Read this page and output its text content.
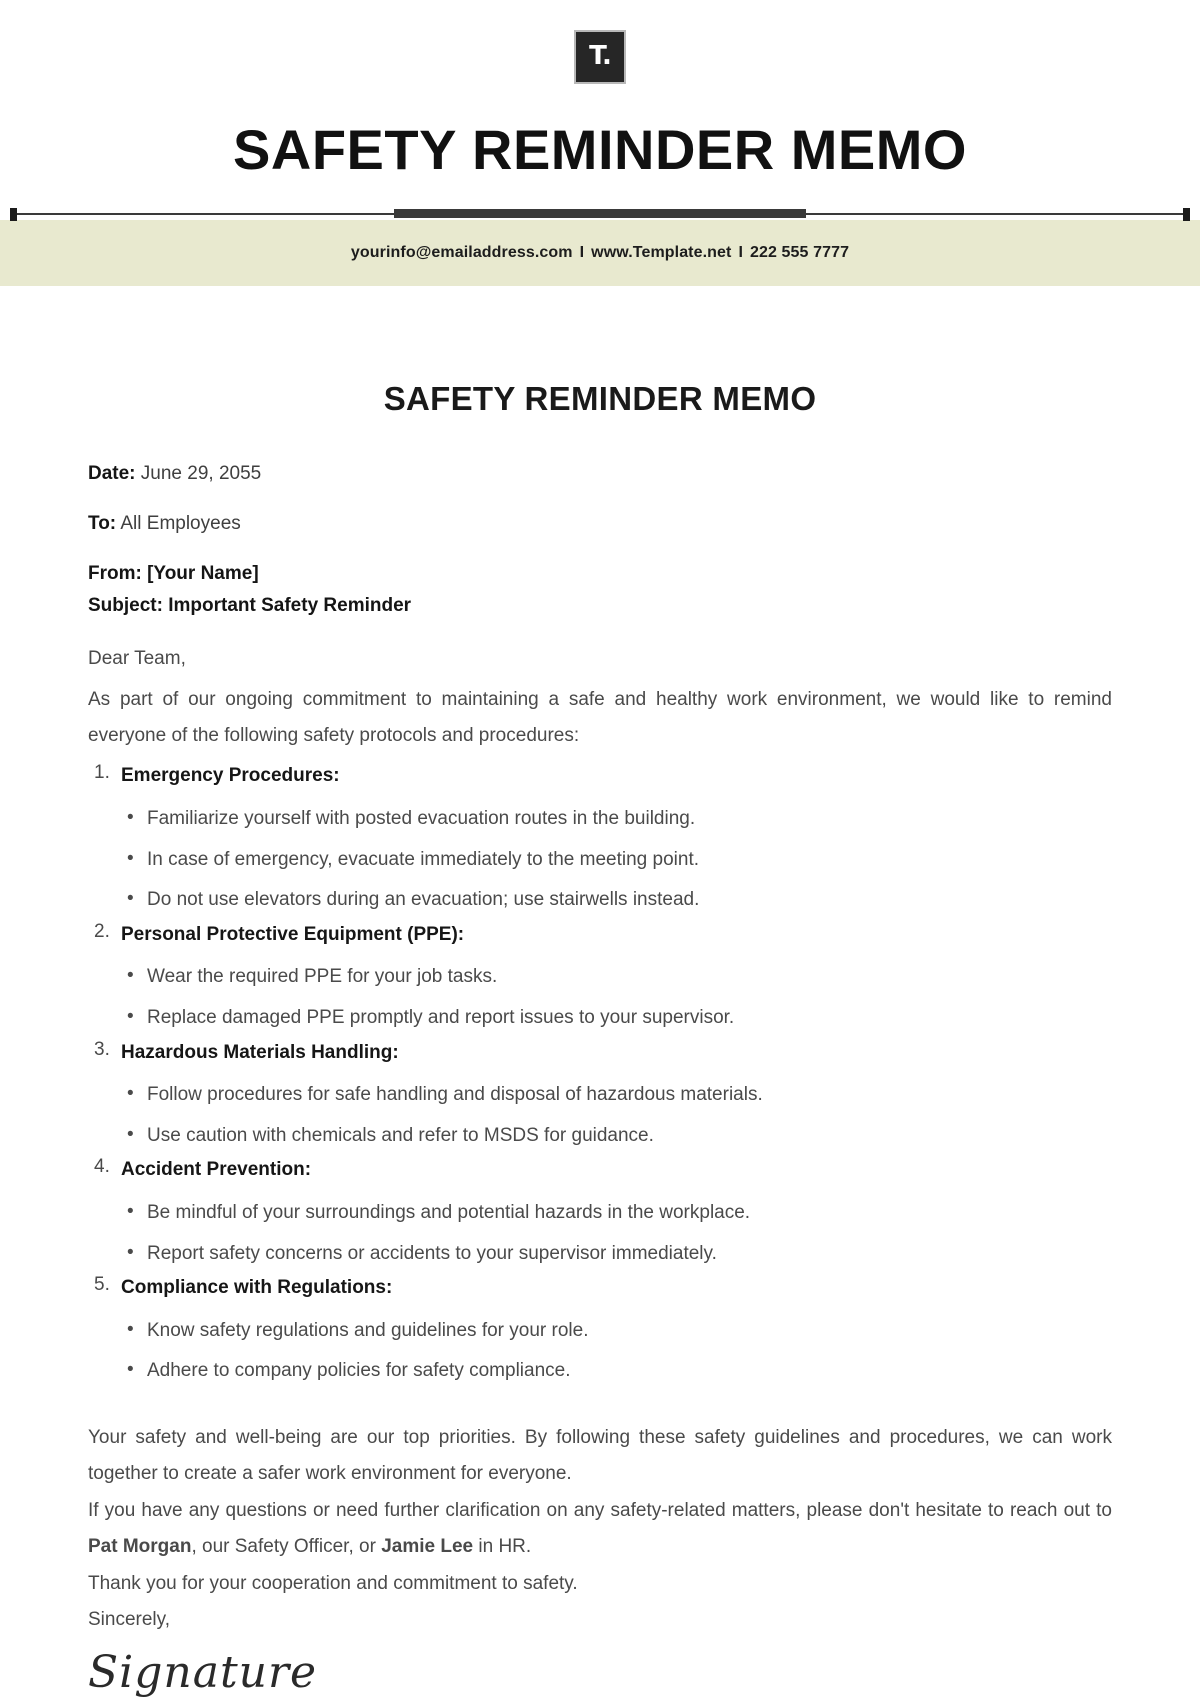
T.
SAFETY REMINDER MEMO
yourinfo@emailaddress.com I www.Template.net I 222 555 7777
SAFETY REMINDER MEMO
Date: June 29, 2055
To: All Employees
From: [Your Name]
Subject: Important Safety Reminder
Dear Team,

As part of our ongoing commitment to maintaining a safe and healthy work environment, we would like to remind everyone of the following safety protocols and procedures:

Emergency Procedures:
• Familiarize yourself with posted evacuation routes in the building.
• In case of emergency, evacuate immediately to the meeting point.
• Do not use elevators during an evacuation; use stairwells instead.
Personal Protective Equipment (PPE):
• Wear the required PPE for your job tasks.
• Replace damaged PPE promptly and report issues to your supervisor.
Hazardous Materials Handling:
• Follow procedures for safe handling and disposal of hazardous materials.
• Use caution with chemicals and refer to MSDS for guidance.
Accident Prevention:
• Be mindful of your surroundings and potential hazards in the workplace.
• Report safety concerns or accidents to your supervisor immediately.
Compliance with Regulations:
• Know safety regulations and guidelines for your role.
• Adhere to company policies for safety compliance.

Your safety and well-being are our top priorities. By following these safety guidelines and procedures, we can work together to create a safer work environment for everyone.

If you have any questions or need further clarification on any safety-related matters, please don't hesitate to reach out to Pat Morgan, our Safety Officer, or Jamie Lee in HR.

Thank you for your cooperation and commitment to safety.
Sincerely,
Signature
